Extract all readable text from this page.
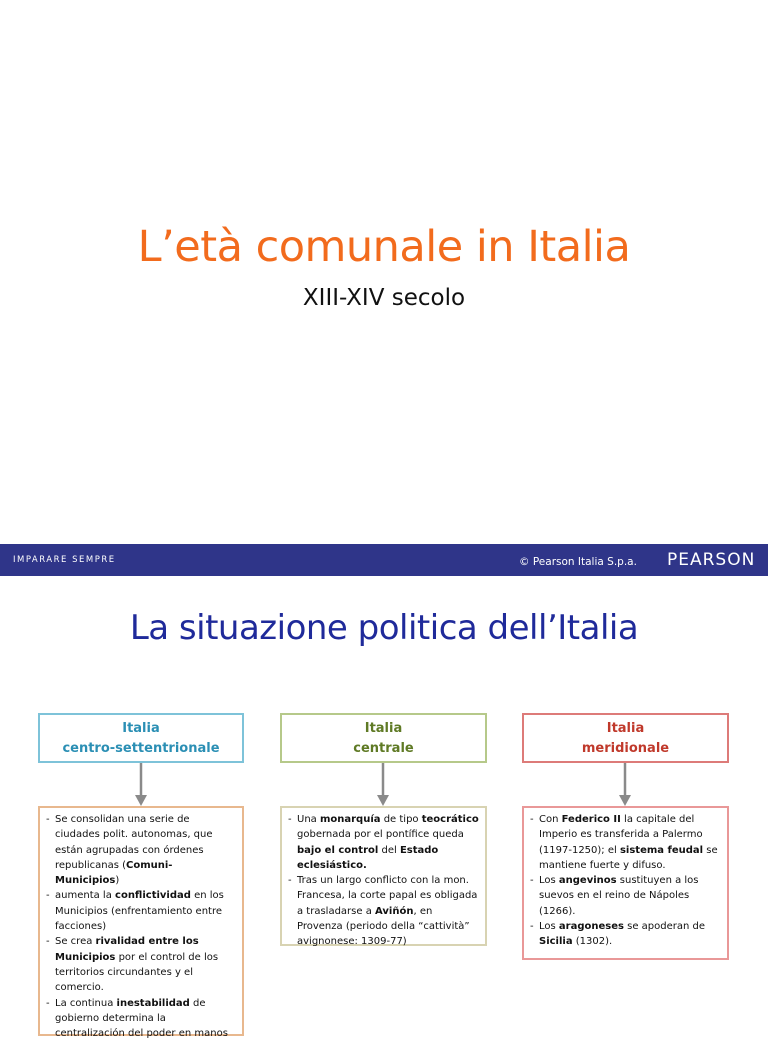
L’età comunale in Italia
XIII-XIV secolo
IMPARARE SEMPRE	© Pearson Italia S.p.a. PEARSON
La situazione politica dell’Italia
Italia
centro-settentrionale
- Se consolidan una serie de ciudades polit. autonomas, que están agrupadas con órdenes republicanas (Comuni-Municipios)
- aumenta la conflictividad en los Municipios (enfrentamiento entre facciones)
- Se crea rivalidad entre los Municipios por el control de los territorios circundantes y el comercio.
- La continua inestabilidad de gobierno determina la centralización del poder en manos
Italia
centrale
- Una monarquía de tipo teocrático gobernada por el pontífice queda bajo el control del Estado eclesiástico.
- Tras un largo conflicto con la mon. Francesa, la corte papal es obligada a trasladarse a Aviñón, en Provenza (periodo della “cattività” avignonese: 1309-77)
Italia
meridionale
- Con Federico II la capitale del Imperio es transferida a Palermo (1197-1250); el sistema feudal se mantiene fuerte y difuso.
- Los angevinos sustituyen a los suevos en el reino de Nápoles (1266).
- Los aragoneses se apoderan de Sicilia (1302).
